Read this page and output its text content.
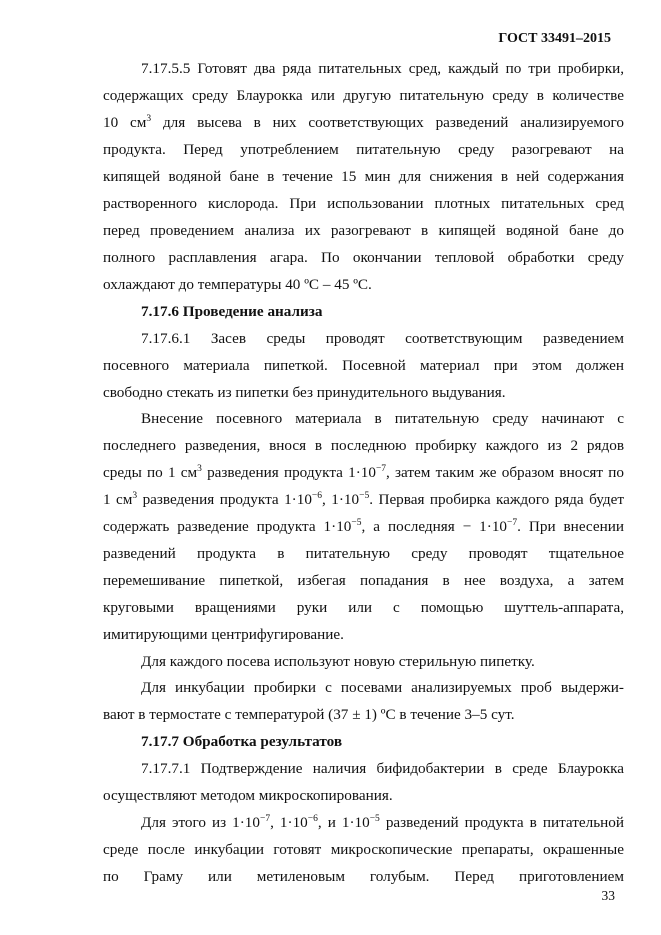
ГОСТ 33491–2015
7.17.5.5 Готовят два ряда питательных сред, каждый по три пробирки,
содержащих среду Блаурокка или другую питательную среду в количестве
10 $см^3$ для высева в них соответствующих разведений анализируемого
продукта. Перед употреблением питательную среду разогревают на
кипящей водяной бане в течение 15 мин для снижения в ней содержания
растворенного кислорода. При использовании плотных питательных сред
перед проведением анализа их разогревают в кипящей водяной бане до
полного расплавления агара. По окончании тепловой обработки среду
охлаждают до температуры 40 ºC – 45 ºC.
7.17.6 Проведение анализа
7.17.6.1 Засев среды проводят соответствующим разведением
посевного материала пипеткой. Посевной материал при этом должен
свободно стекать из пипетки без принудительного выдувания.
Внесение посевного материала в питательную среду начинают с
последнего разведения, внося в последнюю пробирку каждого из 2 рядов
среды по 1 $см^3$ разведения продукта $1\cdot 10^{-7}$, затем таким же образом вносят по
1 $см^3$ разведения продукта $1\cdot 10^{-6}$, $1\cdot 10^{-5}$. Первая пробирка каждого ряда будет
содержать разведение продукта $1\cdot 10^{-5}$, а последняя − $1\cdot 10^{-7}$. При внесении
разведений продукта в питательную среду проводят тщательное
перемешивание пипеткой, избегая попадания в нее воздуха, а затем
круговыми вращениями руки или с помощью шуттель-аппарата,
имитирующими центрифугирование.
Для каждого посева используют новую стерильную пипетку.
Для инкубации пробирки с посевами анализируемых проб выдержи-
вают в термостате с температурой (37 ± 1) ºC в течение 3–5 сут.
7.17.7 Обработка результатов
7.17.7.1 Подтверждение наличия бифидобактерии в среде Блаурокка
осуществляют методом микроскопирования.
Для этого из $1\cdot 10^{-7}$, $1\cdot 10^{-6}$, и $1\cdot 10^{-5}$ разведений продукта в питательной
среде после инкубации готовят микроскопические препараты, окрашенные
по Граму или метиленовым голубым. Перед приготовлением
33
